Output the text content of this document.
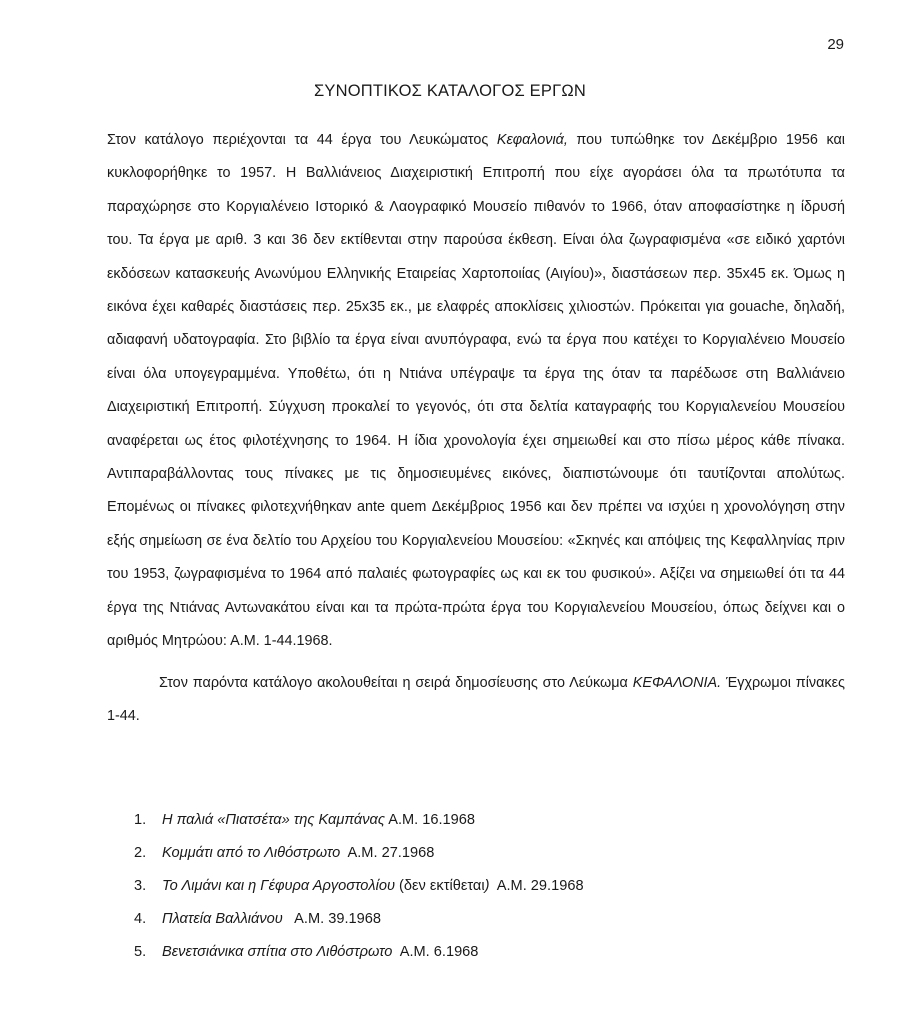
29
ΣΥΝΟΠΤΙΚΟΣ ΚΑΤΑΛΟΓΟΣ ΕΡΓΩΝ

Στον κατάλογο περιέχονται τα 44 έργα του Λευκώματος Κεφαλονιά, που τυπώθηκε τον Δεκέμβριο 1956 και κυκλοφορήθηκε το 1957. Η Βαλλιάνειος Διαχειριστική Επιτροπή που είχε αγοράσει όλα τα πρωτότυπα τα παραχώρησε στο Κοργιαλένειο Ιστορικό & Λαογραφικό Μουσείο πιθανόν το 1966, όταν αποφασίστηκε η ίδρυσή του. Τα έργα με αριθ. 3 και 36 δεν εκτίθενται στην παρούσα έκθεση. Είναι όλα ζωγραφισμένα «σε ειδικό χαρτόνι εκδόσεων κατασκευής Ανωνύμου Ελληνικής Εταιρείας Χαρτοποιίας (Αιγίου)», διαστάσεων περ. 35x45 εκ. Όμως η εικόνα έχει καθαρές διαστάσεις περ. 25x35 εκ., με ελαφρές αποκλίσεις χιλιοστών. Πρόκειται για gouache, δηλαδή, αδιαφανή υδατογραφία. Στο βιβλίο τα έργα είναι ανυπόγραφα, ενώ τα έργα που κατέχει το Κοργιαλένειο Μουσείο είναι όλα υπογεγραμμένα. Υποθέτω, ότι η Ντιάνα υπέγραψε τα έργα της όταν τα παρέδωσε στη Βαλλιάνειο Διαχειριστική Επιτροπή. Σύγχυση προκαλεί το γεγονός, ότι στα δελτία καταγραφής του Κοργιαλενείου Μουσείου αναφέρεται ως έτος φιλοτέχνησης το 1964. Η ίδια χρονολογία έχει σημειωθεί και στο πίσω μέρος κάθε πίνακα. Αντιπαραβάλλοντας τους πίνακες με τις δημοσιευμένες εικόνες, διαπιστώνουμε ότι ταυτίζονται απολύτως. Επομένως οι πίνακες φιλοτεχνήθηκαν ante quem Δεκέμβριος 1956 και δεν πρέπει να ισχύει η χρονολόγηση στην εξής σημείωση σε ένα δελτίο του Αρχείου του Κοργιαλενείου Μουσείου: «Σκηνές και απόψεις της Κεφαλληνίας πριν του 1953, ζωγραφισμένα το 1964 από παλαιές φωτογραφίες ως και εκ του φυσικού». Αξίζει να σημειωθεί ότι τα 44 έργα της Ντιάνας Αντωνακάτου είναι και τα πρώτα-πρώτα έργα του Κοργιαλενείου Μουσείου, όπως δείχνει και ο αριθμός Μητρώου: Α.Μ. 1-44.1968.

Στον παρόντα κατάλογο ακολουθείται η σειρά δημοσίευσης στο Λεύκωμα ΚΕΦΑΛΟΝΙΑ. Έγχρωμοι πίνακες 1-44.

1. Η παλιά «Πιατσέτα» της Καμπάνας Α.Μ. 16.1968
2. Κομμάτι από το Λιθόστρωτο  Α.Μ. 27.1968
3. Το Λιμάνι και η Γέφυρα Αργοστολίου (δεν εκτίθεται)  Α.Μ. 29.1968
4. Πλατεία Βαλλιάνου   Α.Μ. 39.1968
5. Βενετσιάνικα σπίτια στο Λιθόστρωτο  Α.Μ. 6.1968
